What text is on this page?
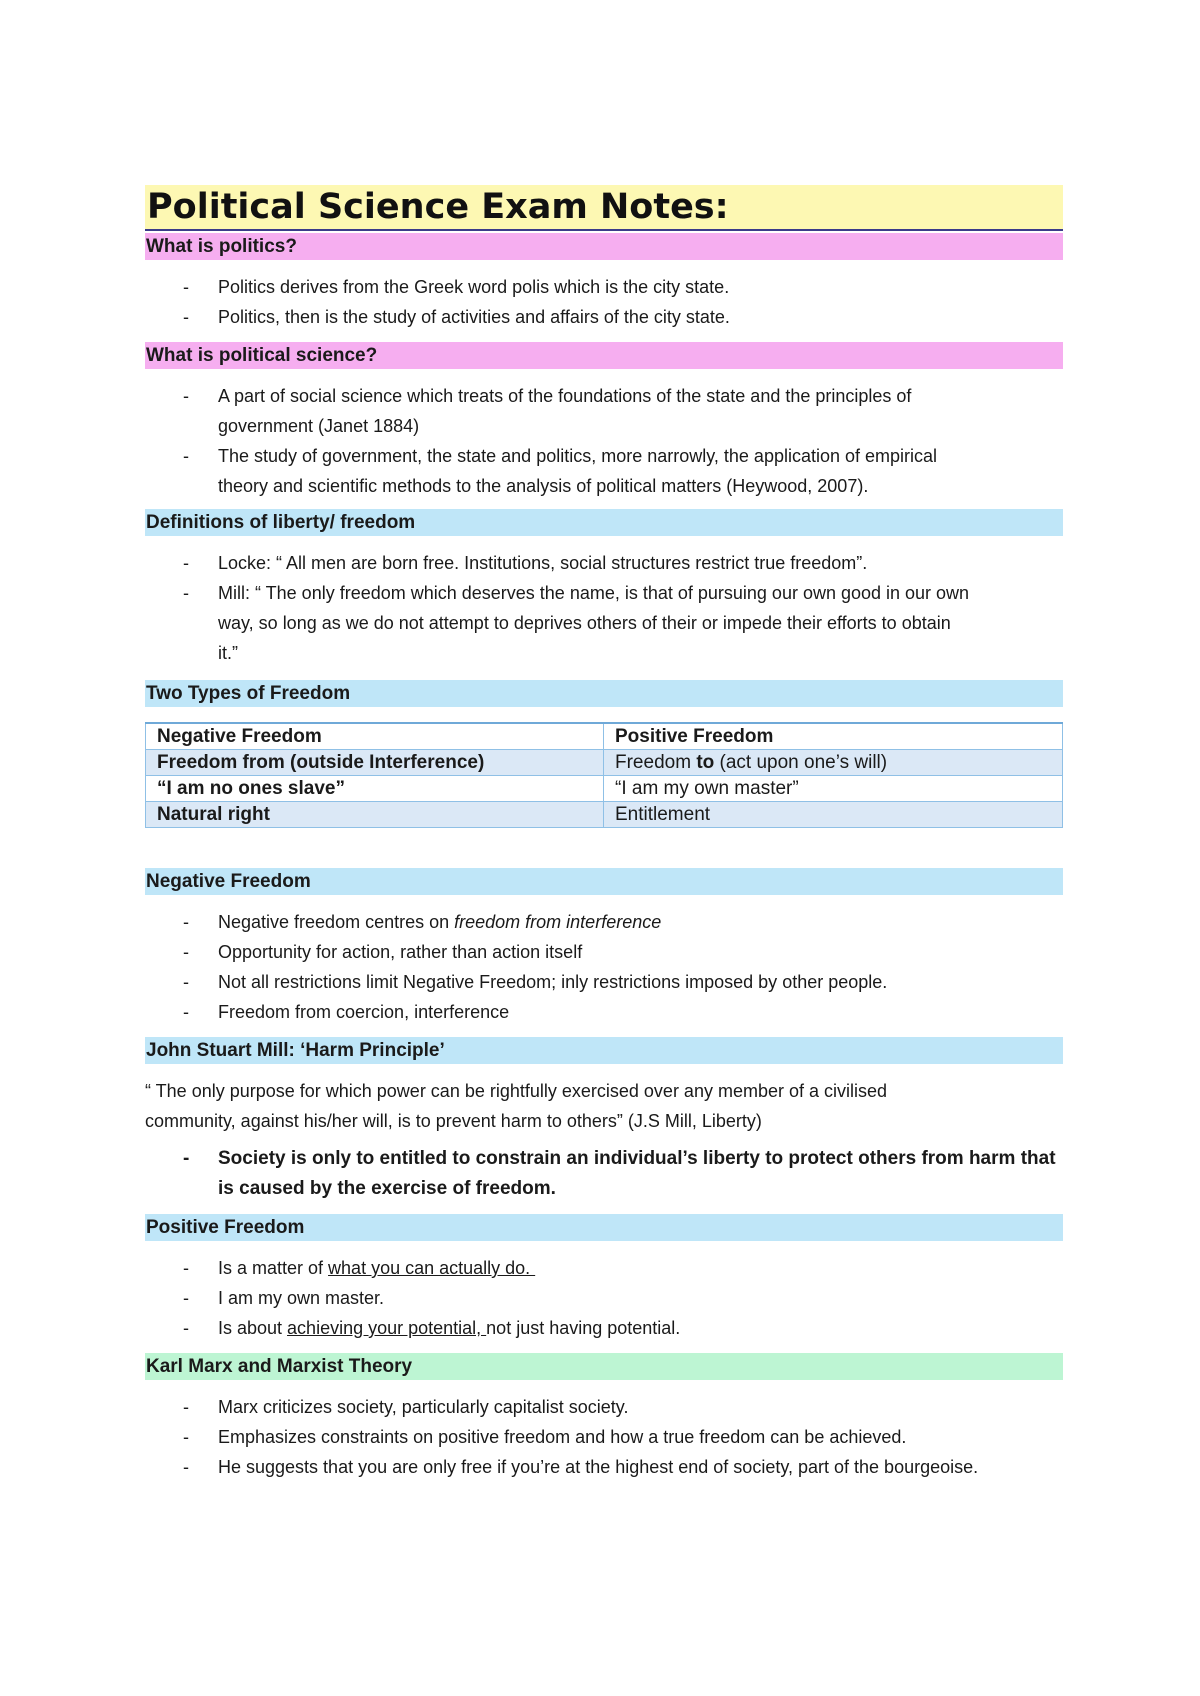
Political Science Exam Notes:
What is politics?
- Politics derives from the Greek word polis which is the city state.
- Politics, then is the study of activities and affairs of the city state.
What is political science?
- A part of social science which treats of the foundations of the state and the principles of
government (Janet 1884)
- The study of government, the state and politics, more narrowly, the application of empirical
theory and scientific methods to the analysis of political matters (Heywood, 2007).
Definitions of liberty/ freedom
- Locke: “ All men are born free. Institutions, social structures restrict true freedom”.
- Mill: “ The only freedom which deserves the name, is that of pursuing our own good in our own
way, so long as we do not attempt to deprives others of their or impede their efforts to obtain
it.”
Two Types of Freedom
Negative Freedom	Positive Freedom
Freedom from (outside Interference)	Freedom to (act upon one’s will)
“I am no ones slave”	“I am my own master”
Natural right	Entitlement
Negative Freedom
- Negative freedom centres on freedom from interference
- Opportunity for action, rather than action itself
- Not all restrictions limit Negative Freedom; inly restrictions imposed by other people.
- Freedom from coercion, interference
John Stuart Mill: ‘Harm Principle’
“ The only purpose for which power can be rightfully exercised over any member of a civilised
community, against his/her will, is to prevent harm to others” (J.S Mill, Liberty)
- Society is only to entitled to constrain an individual’s liberty to protect others from harm that
is caused by the exercise of freedom.
Positive Freedom
- Is a matter of what you can actually do.
- I am my own master.
- Is about achieving your potential, not just having potential.
Karl Marx and Marxist Theory
- Marx criticizes society, particularly capitalist society.
- Emphasizes constraints on positive freedom and how a true freedom can be achieved.
- He suggests that you are only free if you’re at the highest end of society, part of the bourgeoise.
